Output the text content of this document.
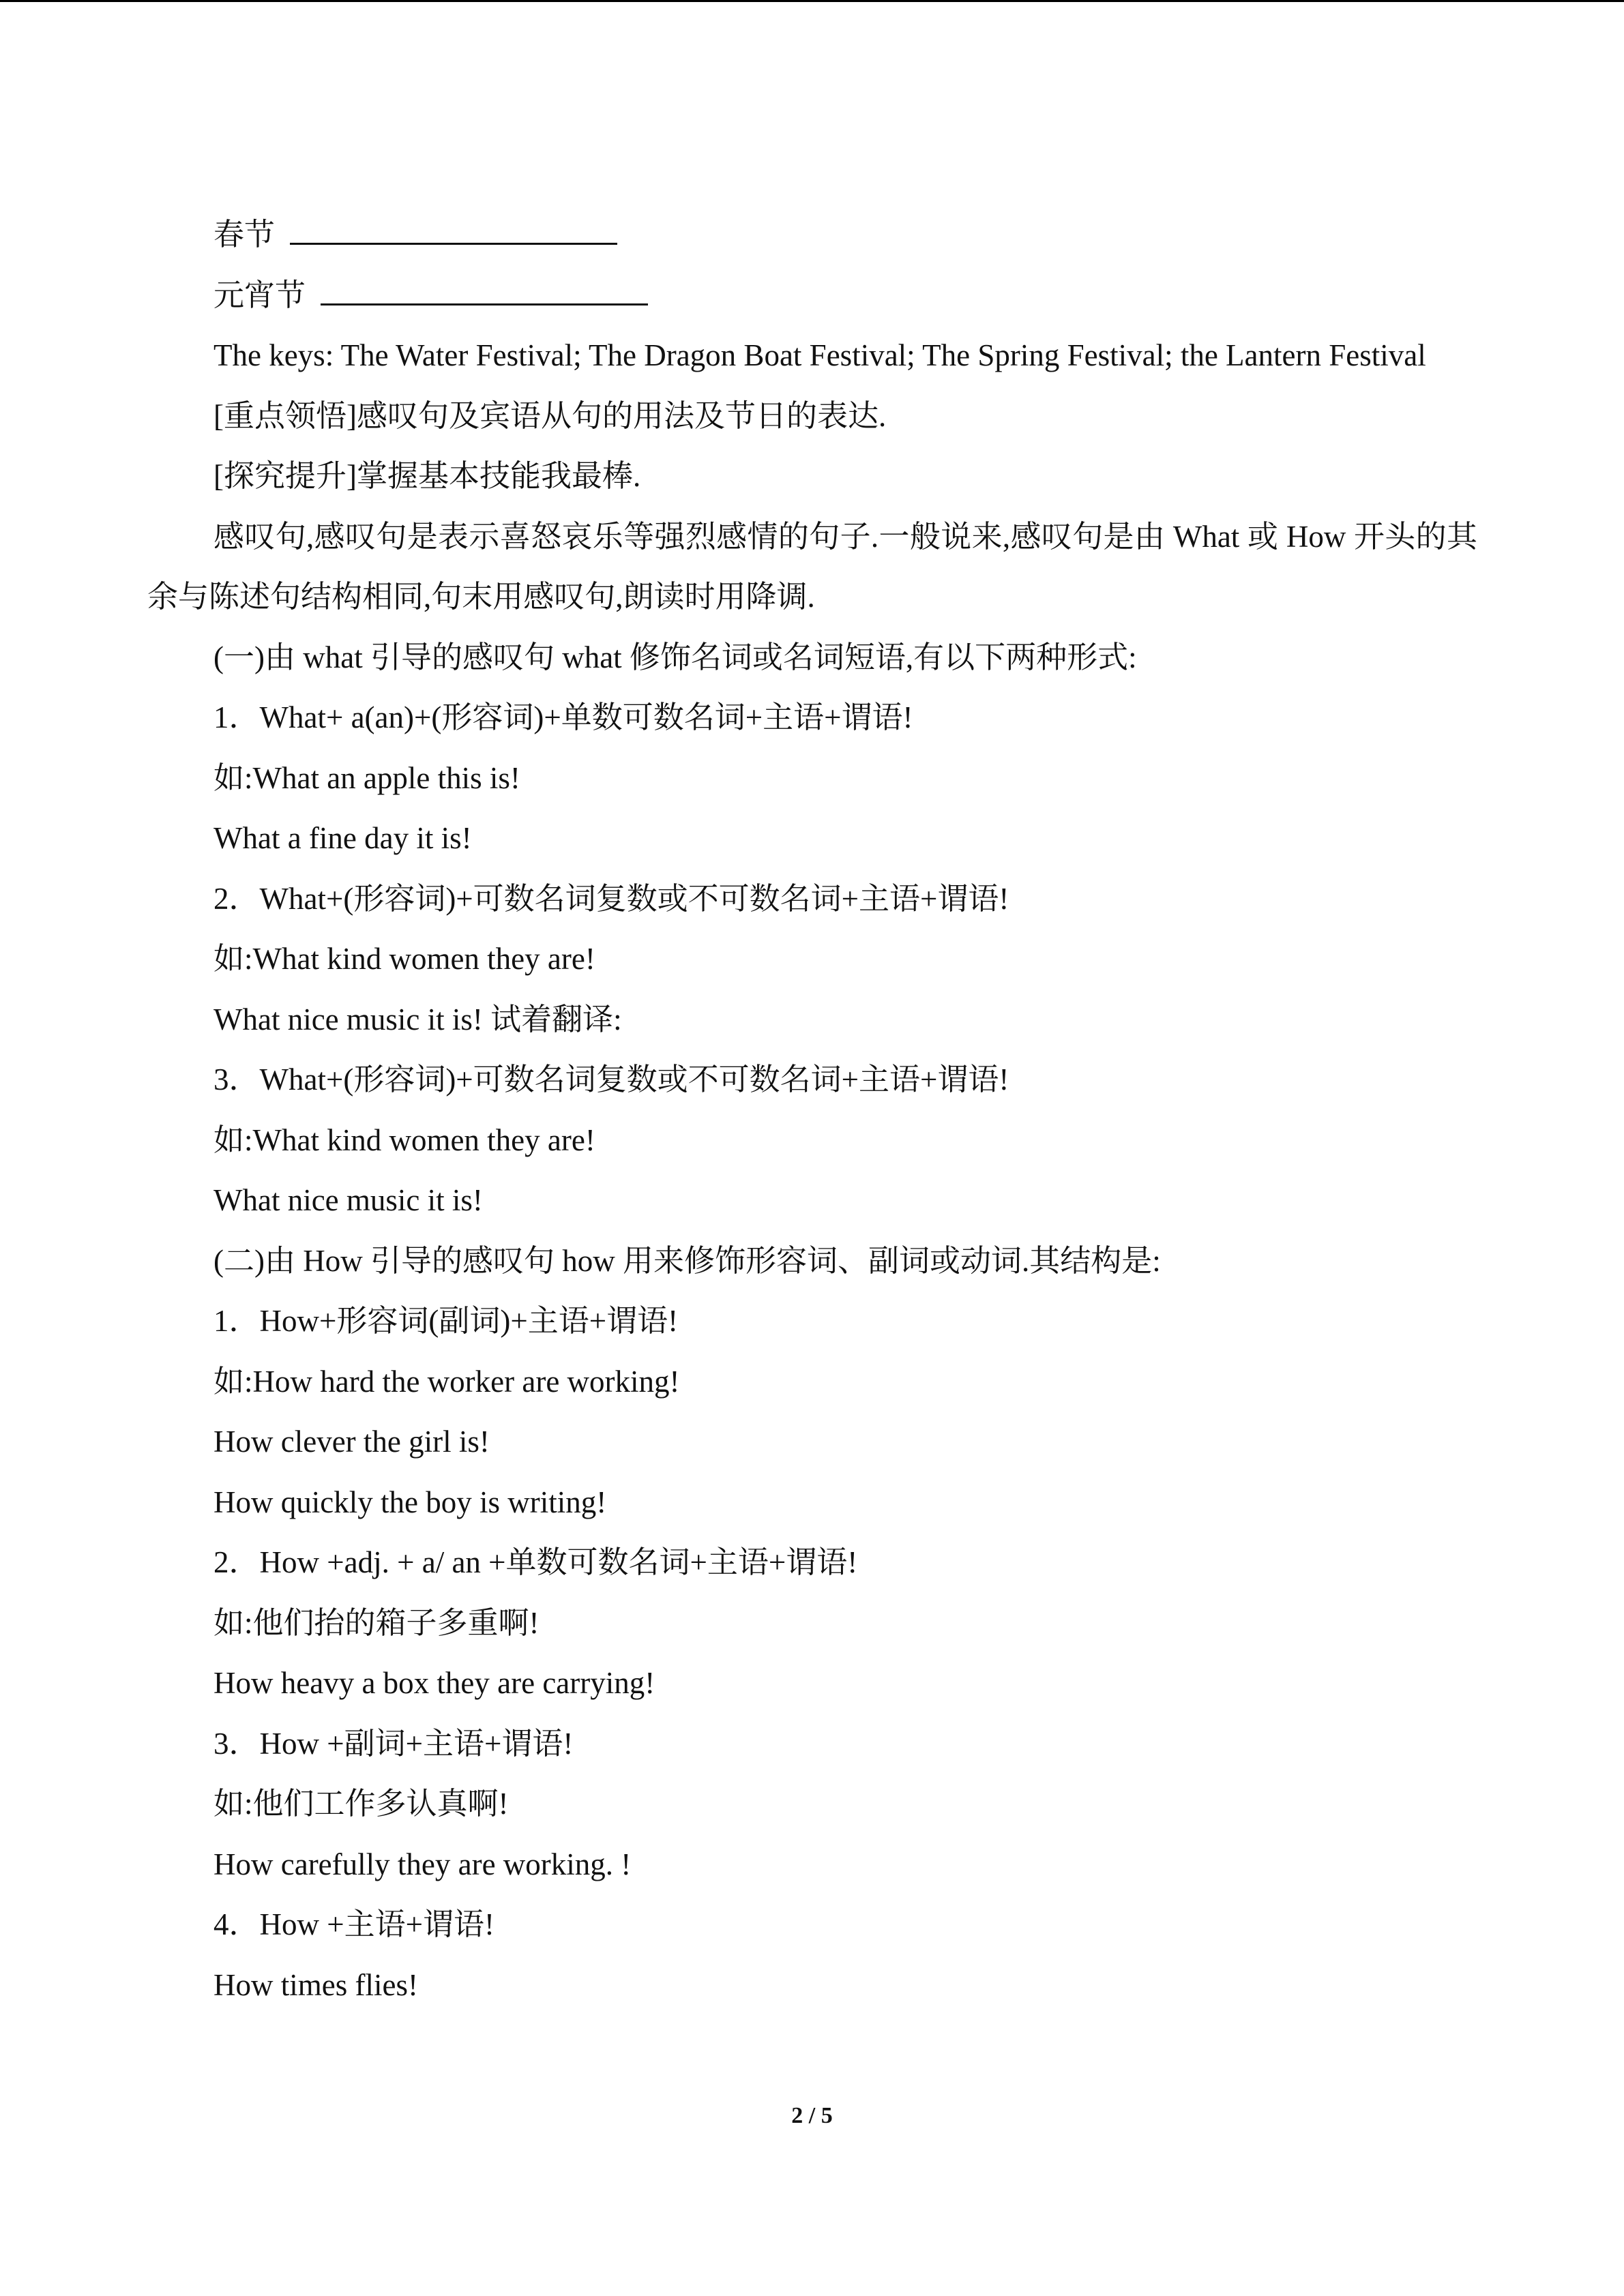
春节
元宵节
The keys: The Water Festival; The Dragon Boat Festival; The Spring Festival; the Lantern Festival
[重点领悟]感叹句及宾语从句的用法及节日的表达.
[探究提升]掌握基本技能我最棒.
感叹句,感叹句是表示喜怒哀乐等强烈感情的句子.一般说来,感叹句是由 What 或 How 开头的其余与陈述句结构相同,句末用感叹句,朗读时用降调.
(一)由 what 引导的感叹句 what 修饰名词或名词短语,有以下两种形式:
1．What+ a(an)+(形容词)+单数可数名词+主语+谓语!
如:What an apple this is!
What a fine day it is!
2．What+(形容词)+可数名词复数或不可数名词+主语+谓语!
如:What kind women they are!
What nice music it is! 试着翻译:
3．What+(形容词)+可数名词复数或不可数名词+主语+谓语!
如:What kind women they are!
What nice music it is!
(二)由 How 引导的感叹句 how 用来修饰形容词、副词或动词.其结构是:
1．How+形容词(副词)+主语+谓语!
如:How hard the worker are working!
How clever the girl is!
How quickly the boy is writing!
2．How +adj. + a/ an +单数可数名词+主语+谓语!
如:他们抬的箱子多重啊!
How heavy a box they are carrying!
3．How +副词+主语+谓语!
如:他们工作多认真啊!
How carefully they are working. !
4．How +主语+谓语!
How times flies!
2 / 5
